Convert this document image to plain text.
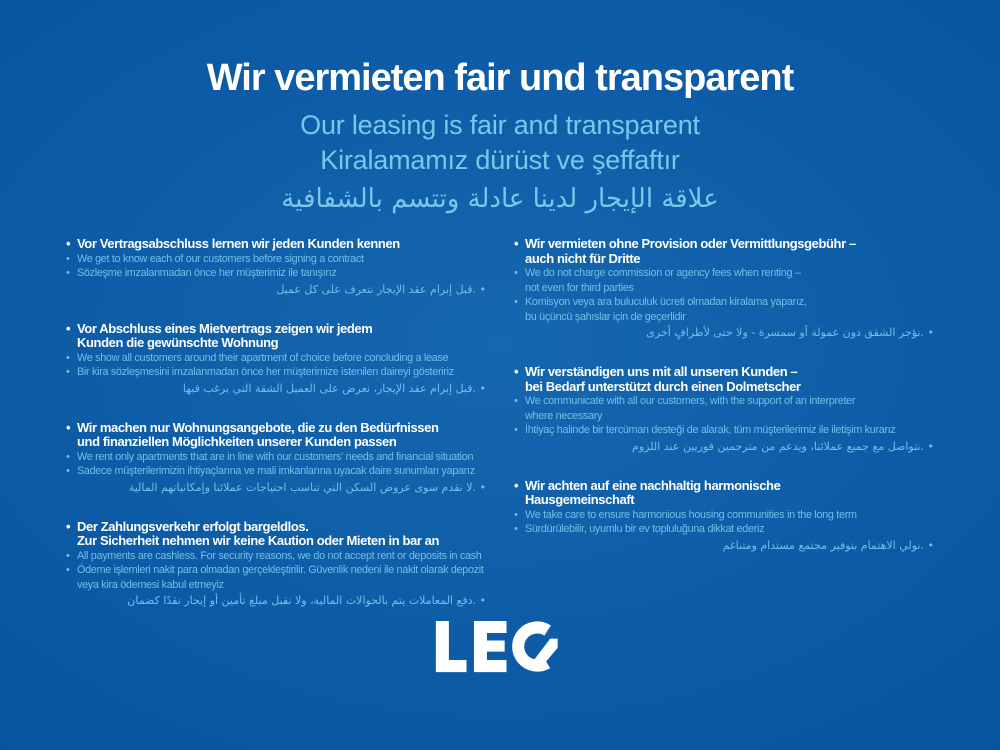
Wir vermieten fair und transparent
Our leasing is fair and transparent
Kiralamamız dürüst ve şeffaftır
علاقة الإيجار لدينا عادلة وتتسم بالشفافية
• Vor Vertragsabschluss lernen wir jeden Kunden kennen
• We get to know each of our customers before signing a contract
• Sözleşme imzalanmadan önce her müşterimiz ile tanışırız
•
.قبل إبرام عقد الإيجار نتعرف على كل عميل
• Vor Abschluss eines Mietvertrags zeigen wir jedem
Kunden die gewünschte Wohnung
• We show all customers around their apartment of choice before concluding a lease
• Bir kira sözleşmesini imzalanmadan önce her müşterimize istenilen daireyi gösteririz
•
.قبل إبرام عقد الإيجار، نعرض على العميل الشقة التي يرغب فيها
• Wir machen nur Wohnungsangebote, die zu den Bedürfnissen
und finanziellen Möglichkeiten unserer Kunden passen
• We rent only apartments that are in line with our customers' needs and financial situation
• Sadece müşterilerimizin ihtiyaçlarına ve mali imkanlarına uyacak daire sunumları yaparız
•
.لا نقدم سوى عروض السكن التي تناسب احتياجات عملائنا وإمكانياتهم المالية
• Der Zahlungsverkehr erfolgt bargeldlos.
Zur Sicherheit nehmen wir keine Kaution oder Mieten in bar an
• All payments are cashless. For security reasons, we do not accept rent or deposits in cash
• Ödeme işlemleri nakit para olmadan gerçekleştirilir. Güvenlik nedeni ile nakit olarak depozit
veya kira ödemesi kabul etmeyiz
•
.دفع المعاملات يتم بالحوالات المالية، ولا نقبل مبلغ تأمين أو إيجار نقدًا كضمان
• Wir vermieten ohne Provision oder Vermittlungsgebühr –
auch nicht für Dritte
• We do not charge commission or agency fees when renting –
not even for third parties
• Komisyon veya ara buluculuk ücreti olmadan kiralama yaparız,
bu üçüncü şahıslar için de geçerlidir
•
.نؤجر الشقق دون عمولة أو سمسرة - ولا حتى لأطرافٍ أخرى
• Wir verständigen uns mit all unseren Kunden –
bei Bedarf unterstützt durch einen Dolmetscher
• We communicate with all our customers, with the support of an interpreter
where necessary
• İhtiyaç halinde bir tercüman desteği de alarak, tüm müşterilerimiz ile iletişim kurarız
•
.نتواصل مع جميع عملائنا، ويدعم من مترجمين فوريين عند اللزوم
• Wir achten auf eine nachhaltig harmonische
Hausgemeinschaft
• We take care to ensure harmonious housing communities in the long term
• Sürdürülebilir, uyumlu bir ev topluluğuna dikkat ederiz
•
.نولي الاهتمام بتوفير مجتمع مستدام ومتناغم
